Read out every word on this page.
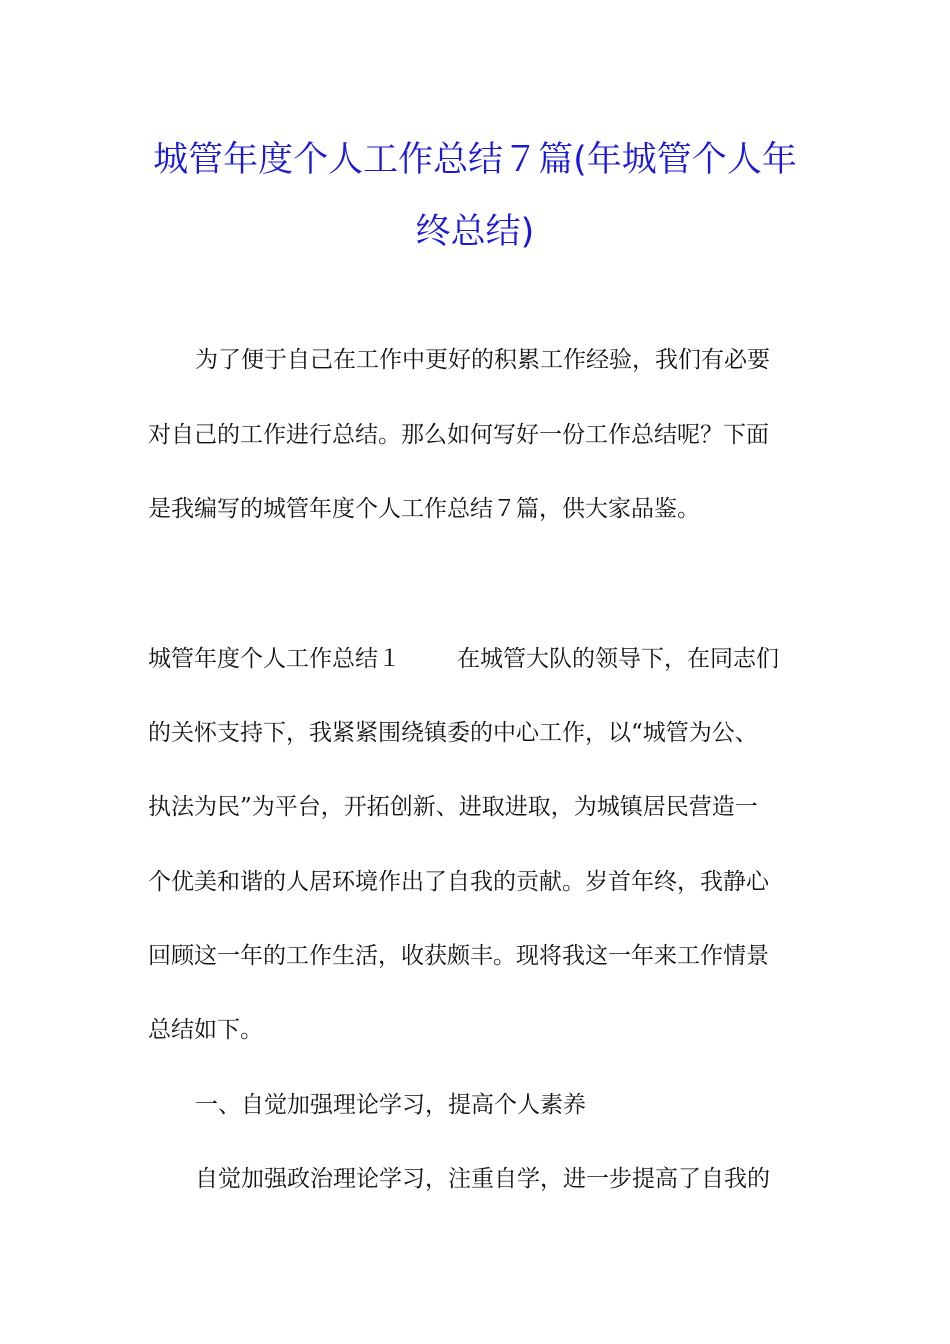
城管年度个人工作总结７篇(年城管个人年
终总结)
为了便于自己在工作中更好的积累工作经验，我们有必要
对自己的工作进行总结。那么如何写好一份工作总结呢？下面
是我编写的城管年度个人工作总结７篇，供大家品鉴。
城管年度个人工作总结１ 在城管大队的领导下，在同志们
的关怀支持下，我紧紧围绕镇委的中心工作，以“城管为公、
执法为民”为平台，开拓创新、进取进取，为城镇居民营造一
个优美和谐的人居环境作出了自我的贡献。岁首年终，我静心
回顾这一年的工作生活，收获颇丰。现将我这一年来工作情景
总结如下。
一、自觉加强理论学习，提高个人素养
自觉加强政治理论学习，注重自学，进一步提高了自我的
